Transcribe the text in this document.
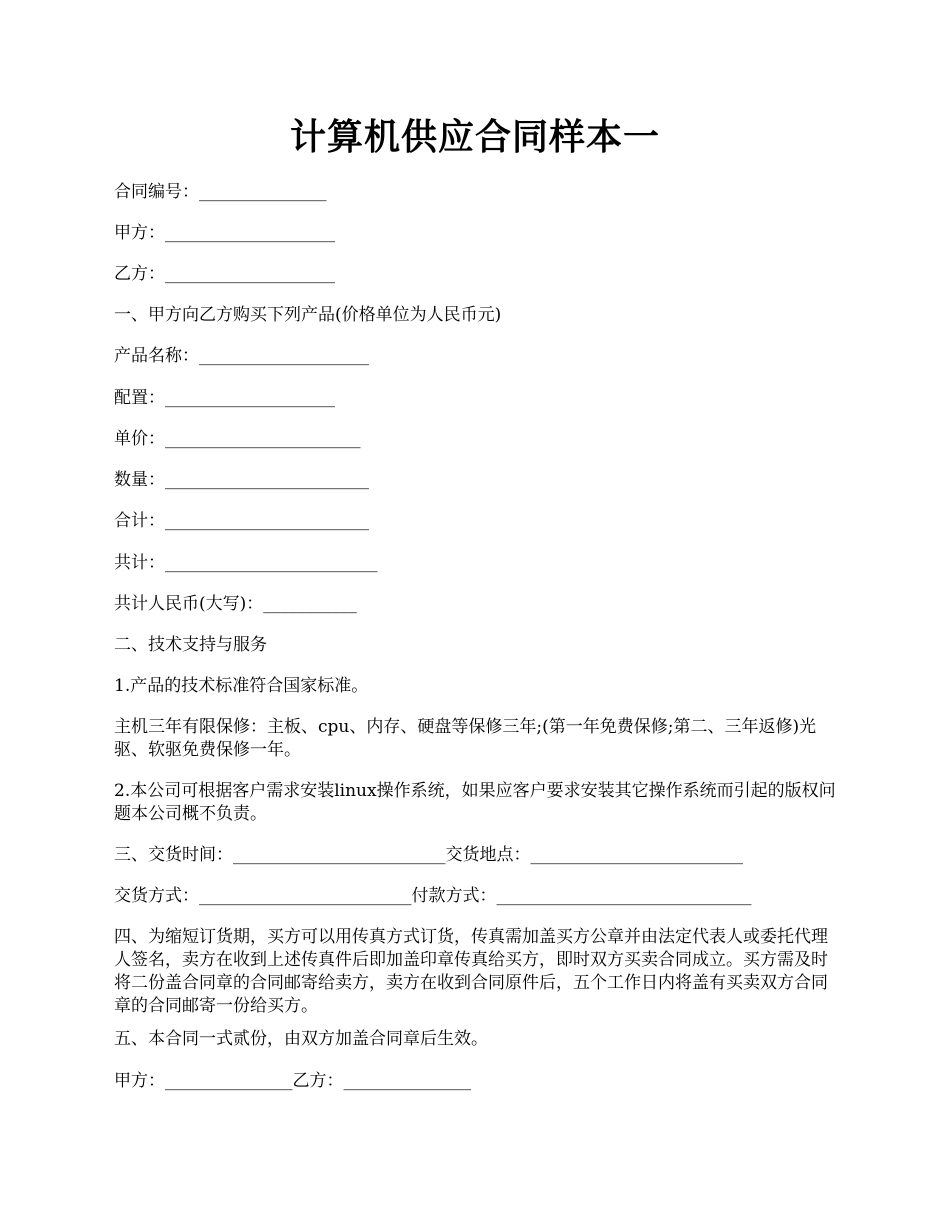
计算机供应合同样本一
合同编号：_______________
甲方：____________________
乙方：____________________
一、甲方向乙方购买下列产品(价格单位为人民币元)
产品名称：____________________
配置：____________________
单价：_______________________
数量：________________________
合计：________________________
共计：_________________________
共计人民币(大写)：___________
二、技术支持与服务
1.产品的技术标准符合国家标准。
主机三年有限保修：主板、cpu、内存、硬盘等保修三年;(第一年免费保修;第二、三年返修)光驱、软驱免费保修一年。
2.本公司可根据客户需求安装linux操作系统，如果应客户要求安装其它操作系统而引起的版权问题本公司概不负责。
三、交货时间：_________________________交货地点：_________________________
交货方式：_________________________付款方式：______________________________
四、为缩短订货期，买方可以用传真方式订货，传真需加盖买方公章并由法定代表人或委托代理人签名，卖方在收到上述传真件后即加盖印章传真给买方，即时双方买卖合同成立。买方需及时将二份盖合同章的合同邮寄给卖方，卖方在收到合同原件后，五个工作日内将盖有买卖双方合同章的合同邮寄一份给买方。
五、本合同一式贰份，由双方加盖合同章后生效。
甲方：_______________乙方：_______________
